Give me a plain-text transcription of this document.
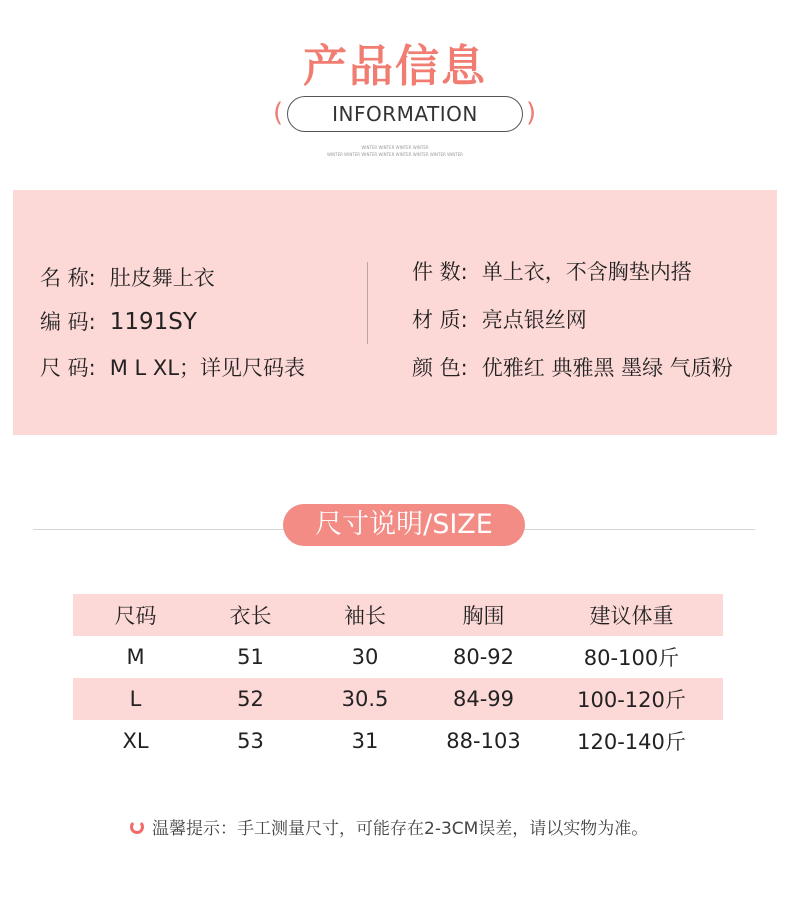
产品信息
(	INFORMATION	)
WINTER WINTER WINTER WINTER
WINTER WINTER WINTER WINTER WINTER WINTER WINTER WINTER
名 称: 肚皮舞上衣
编 码: 1191SY
尺 码: M L XL；详见尺码表
件 数: 单上衣，不含胸垫内搭
材 质: 亮点银丝网
颜 色: 优雅红 典雅黑 墨绿 气质粉
尺寸说明/SIZE
尺码	衣长	袖长	胸围	建议体重
M	51	30	80-92	80-100斤
L	52	30.5	84-99	100-120斤
XL	53	31	88-103	120-140斤
温馨提示：手工测量尺寸，可能存在2-3CM误差，请以实物为准。
